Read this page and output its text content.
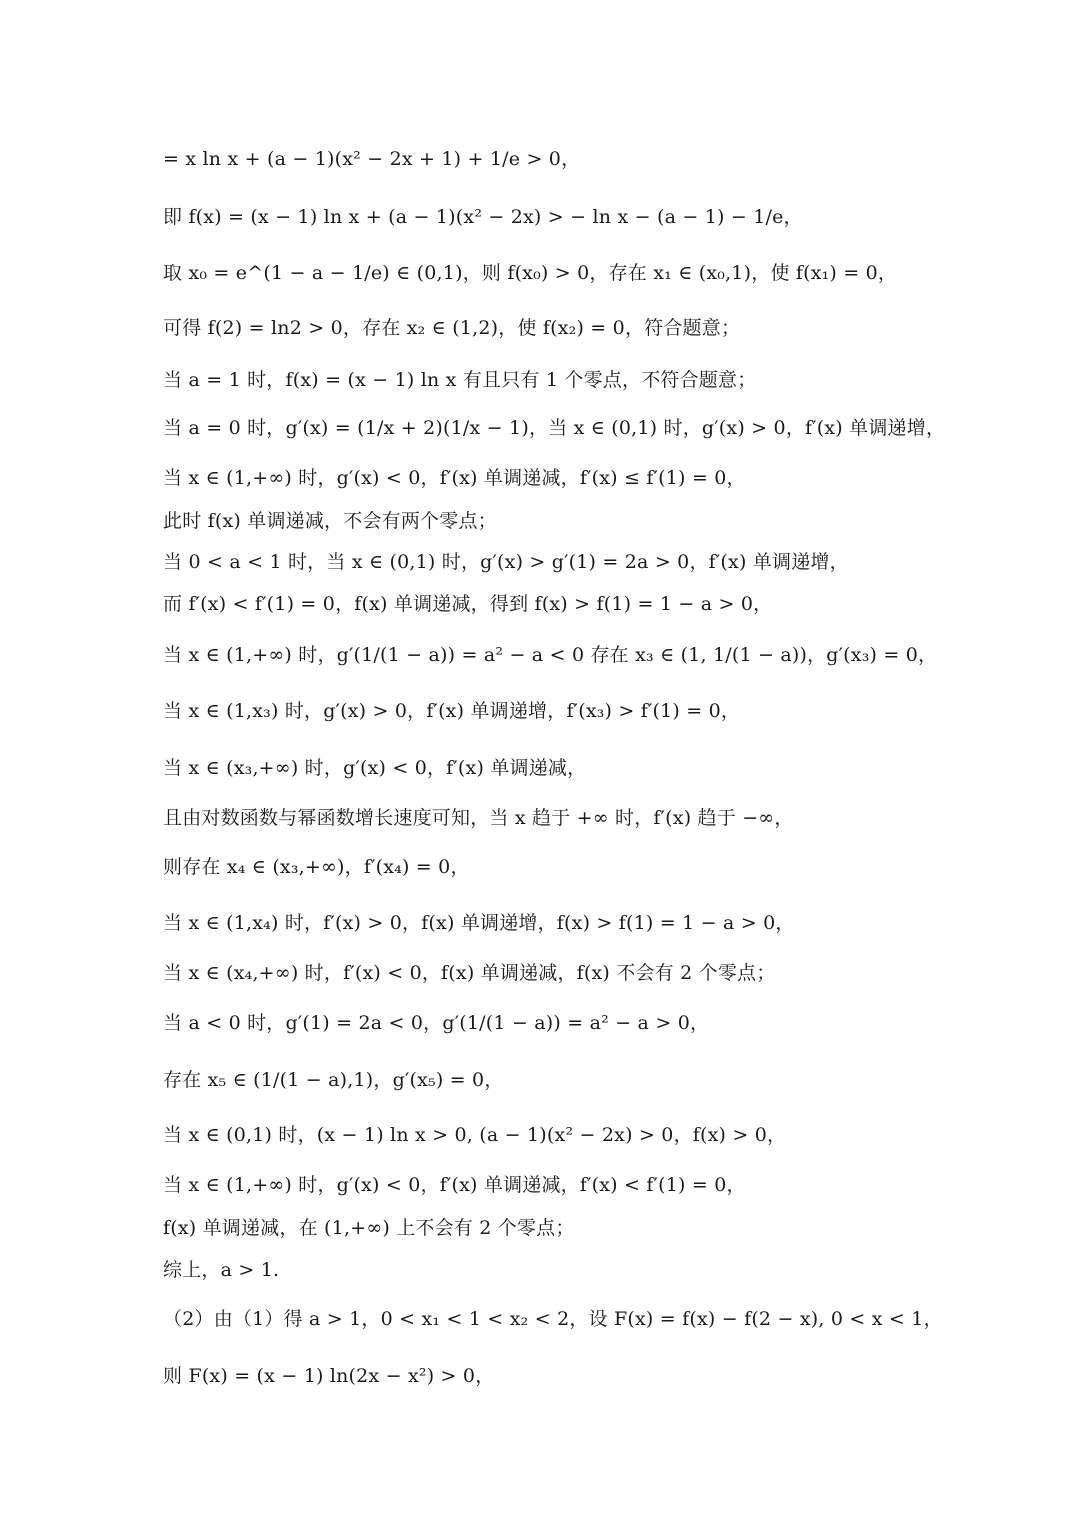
= x ln x + (a − 1)(x² − 2x + 1) + 1/e > 0，
即 f(x) = (x − 1) ln x + (a − 1)(x² − 2x) > − ln x − (a − 1) − 1/e，
取 x₀ = e^(1 − a − 1/e) ∈ (0,1)，则 f(x₀) > 0，存在 x₁ ∈ (x₀,1)，使 f(x₁) = 0，
可得 f(2) = ln2 > 0，存在 x₂ ∈ (1,2)，使 f(x₂) = 0，符合题意；
当 a = 1 时，f(x) = (x − 1) ln x 有且只有 1 个零点，不符合题意；
当 a = 0 时，g′(x) = (1/x + 2)(1/x − 1)，当 x ∈ (0,1) 时，g′(x) > 0，f′(x) 单调递增，
当 x ∈ (1,+∞) 时，g′(x) < 0，f′(x) 单调递减，f′(x) ≤ f′(1) = 0，
此时 f(x) 单调递减，不会有两个零点；
当 0 < a < 1 时，当 x ∈ (0,1) 时，g′(x) > g′(1) = 2a > 0，f′(x) 单调递增，
而 f′(x) < f′(1) = 0，f(x) 单调递减，得到 f(x) > f(1) = 1 − a > 0，
当 x ∈ (1,+∞) 时，g′(1/(1 − a)) = a² − a < 0 存在 x₃ ∈ (1, 1/(1 − a))，g′(x₃) = 0，
当 x ∈ (1,x₃) 时，g′(x) > 0，f′(x) 单调递增，f′(x₃) > f′(1) = 0，
当 x ∈ (x₃,+∞) 时，g′(x) < 0，f′(x) 单调递减，
且由对数函数与幂函数增长速度可知，当 x 趋于 +∞ 时，f′(x) 趋于 −∞，
则存在 x₄ ∈ (x₃,+∞)，f′(x₄) = 0，
当 x ∈ (1,x₄) 时，f′(x) > 0，f(x) 单调递增，f(x) > f(1) = 1 − a > 0，
当 x ∈ (x₄,+∞) 时，f′(x) < 0，f(x) 单调递减，f(x) 不会有 2 个零点；
当 a < 0 时，g′(1) = 2a < 0，g′(1/(1 − a)) = a² − a > 0，
存在 x₅ ∈ (1/(1 − a),1)，g′(x₅) = 0，
当 x ∈ (0,1) 时，(x − 1) ln x > 0, (a − 1)(x² − 2x) > 0，f(x) > 0，
当 x ∈ (1,+∞) 时，g′(x) < 0，f′(x) 单调递减，f′(x) < f′(1) = 0，
f(x) 单调递减，在 (1,+∞) 上不会有 2 个零点；
综上，a > 1.
（2）由（1）得 a > 1，0 < x₁ < 1 < x₂ < 2，设 F(x) = f(x) − f(2 − x), 0 < x < 1，
则 F(x) = (x − 1) ln(2x − x²) > 0，
